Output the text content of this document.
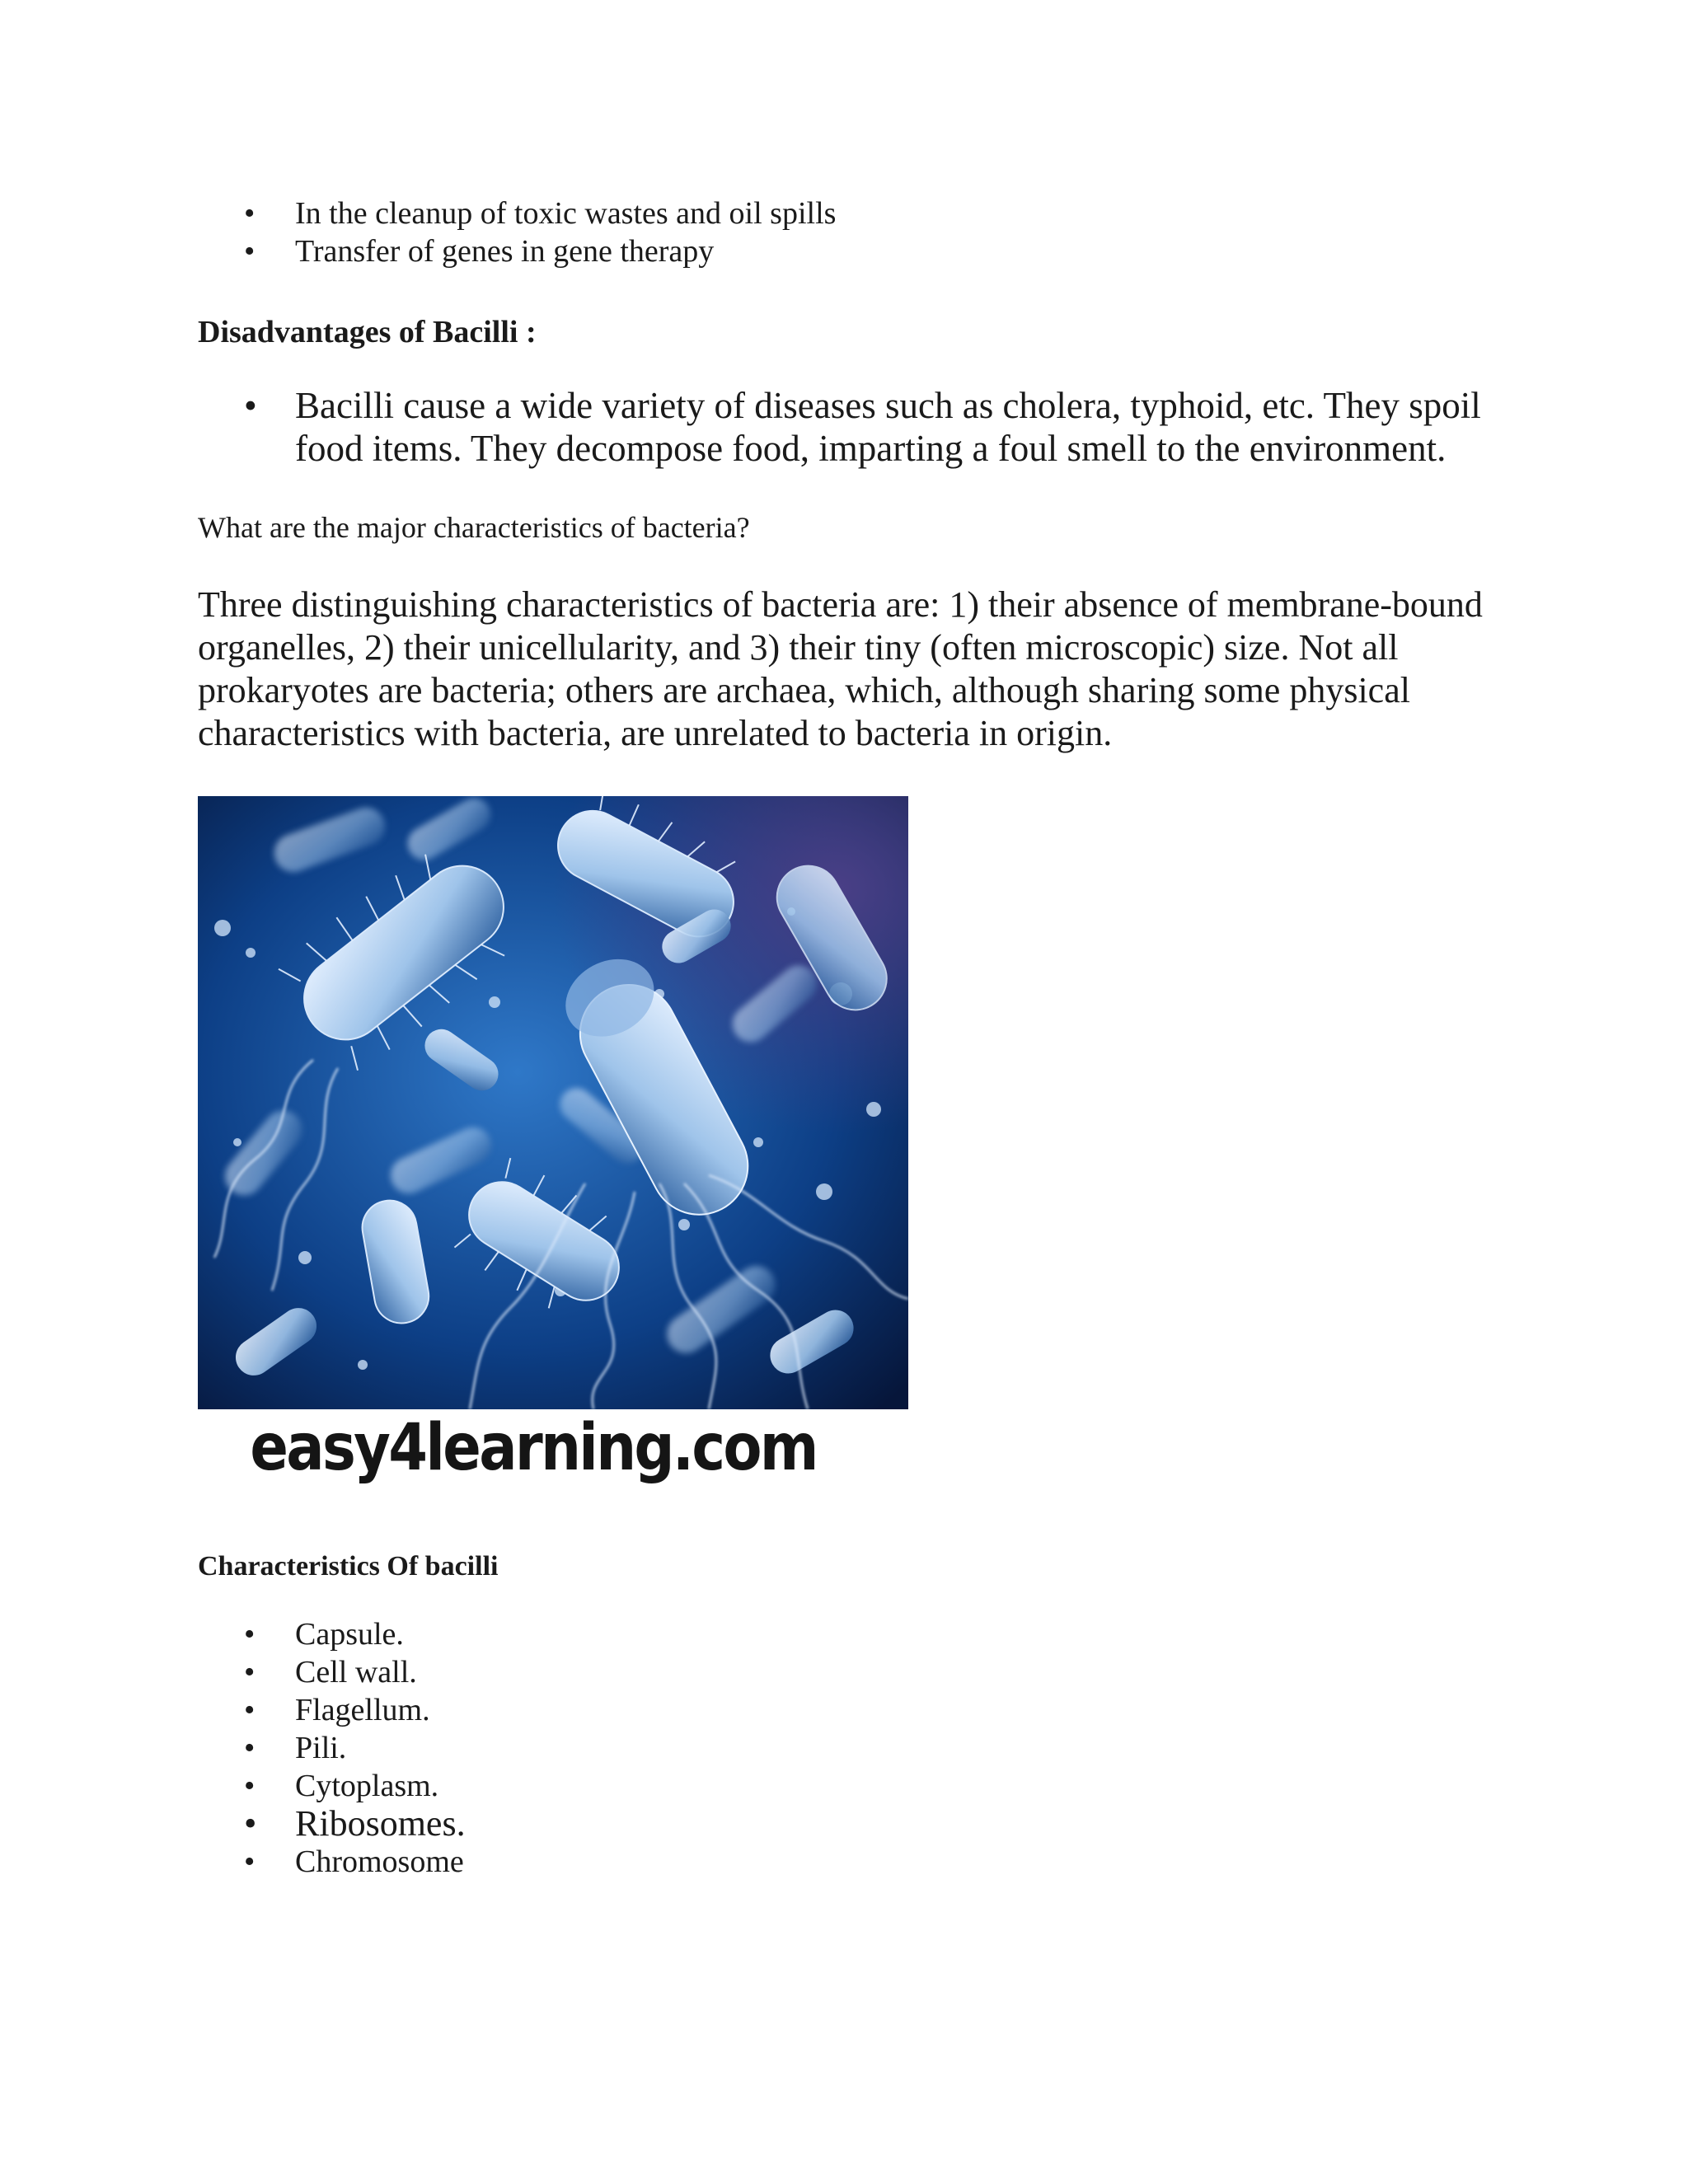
• In the cleanup of toxic wastes and oil spills
• Transfer of genes in gene therapy

Disadvantages of Bacilli :

• Bacilli cause a wide variety of diseases such as cholera, typhoid, etc. They spoil food items. They decompose food, imparting a foul smell to the environment.

What are the major characteristics of bacteria?

Three distinguishing characteristics of bacteria are: 1) their absence of membrane-bound organelles, 2) their unicellularity, and 3) their tiny (often microscopic) size. Not all prokaryotes are bacteria; others are archaea, which, although sharing some physical characteristics with bacteria, are unrelated to bacteria in origin.

easy4learning.com

Characteristics Of bacilli

• Capsule.
• Cell wall.
• Flagellum.
• Pili.
• Cytoplasm.
• Ribosomes.
• Chromosome
